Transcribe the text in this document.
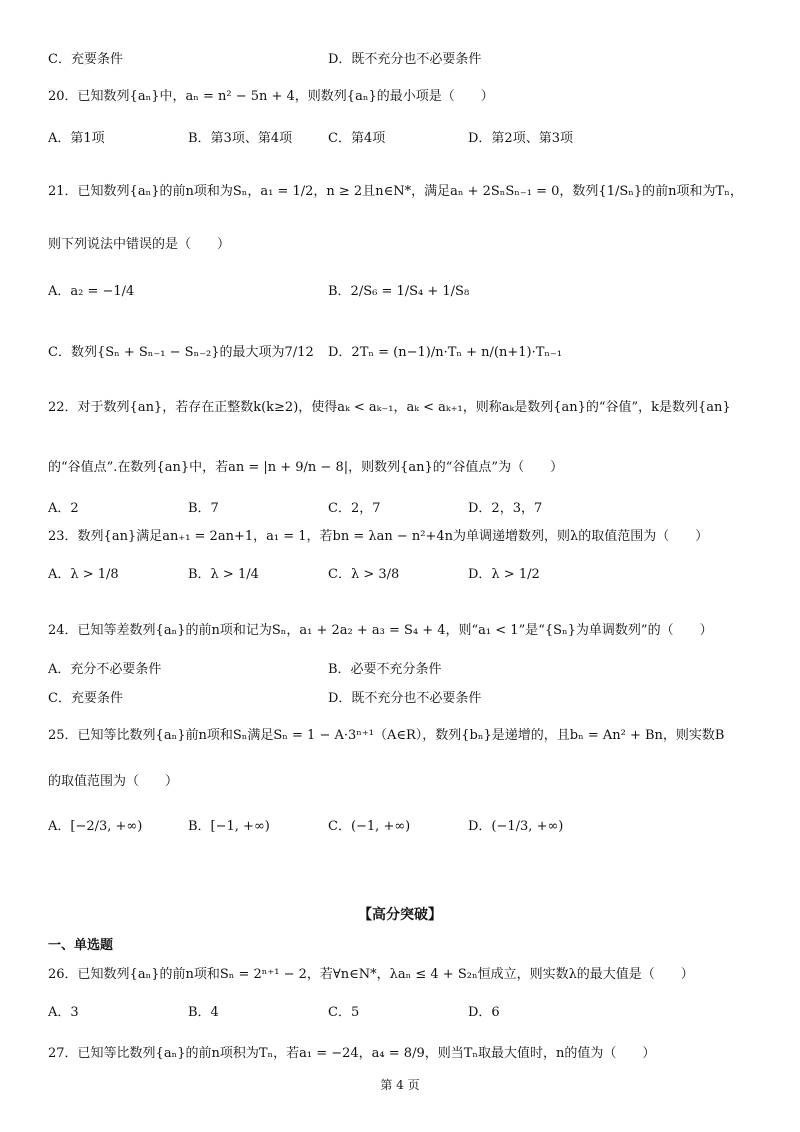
C．充要条件	D．既不充分也不必要条件
20．已知数列{aₙ}中，aₙ = n² − 5n + 4，则数列{aₙ}的最小项是（　　）
A．第1项	B．第3项、第4项	C．第4项	D．第2项、第3项
21．已知数列{aₙ}的前n项和为Sₙ，a₁ = 1/2，n ≥ 2且n∈N*，满足aₙ + 2SₙSₙ₋₁ = 0，数列{1/Sₙ}的前n项和为Tₙ，
则下列说法中错误的是（　　）
A．a₂ = −1/4	B．2/S₆ = 1/S₄ + 1/S₈
C．数列{Sₙ + Sₙ₋₁ − Sₙ₋₂}的最大项为7/12 D．2Tₙ = (n−1)/n·Tₙ + n/(n+1)·Tₙ₋₁
22．对于数列{an}，若存在正整数k(k≥2)，使得aₖ < aₖ₋₁，aₖ < aₖ₊₁，则称aₖ是数列{an}的“谷值”，k是数列{an}
的“谷值点”.在数列{an}中，若an = |n + 9/n − 8|，则数列{an}的“谷值点”为（　　）
A．2	B．7	C．2，7	D．2，3，7
23．数列{an}满足an₊₁ = 2an+1，a₁ = 1，若bn = λan − n²+4n为单调递增数列，则λ的取值范围为（　　）
A．λ > 1/8	B．λ > 1/4	C．λ > 3/8	D．λ > 1/2
24．已知等差数列{aₙ}的前n项和记为Sₙ，a₁ + 2a₂ + a₃ = S₄ + 4，则“a₁ < 1”是“{Sₙ}为单调数列”的（　　）
A．充分不必要条件	B．必要不充分条件
C．充要条件	D．既不充分也不必要条件
25．已知等比数列{aₙ}前n项和Sₙ满足Sₙ = 1 − A·3ⁿ⁺¹（A∈R），数列{bₙ}是递增的，且bₙ = An² + Bn，则实数B
的取值范围为（　　）
A．[−2/3, +∞)	B．[−1, +∞)	C．(−1, +∞)	D．(−1/3, +∞)
26．已知数列{aₙ}的前n项和Sₙ = 2ⁿ⁺¹ − 2，若∀n∈N*，λaₙ ≤ 4 + S₂ₙ恒成立，则实数λ的最大值是（　　）
A．3	B．4	C．5	D．6
27．已知等比数列{aₙ}的前n项积为Tₙ，若a₁ = −24，a₄ = 8/9，则当Tₙ取最大值时，n的值为（　　）
【高分突破】
一、单选题
第 4 页
